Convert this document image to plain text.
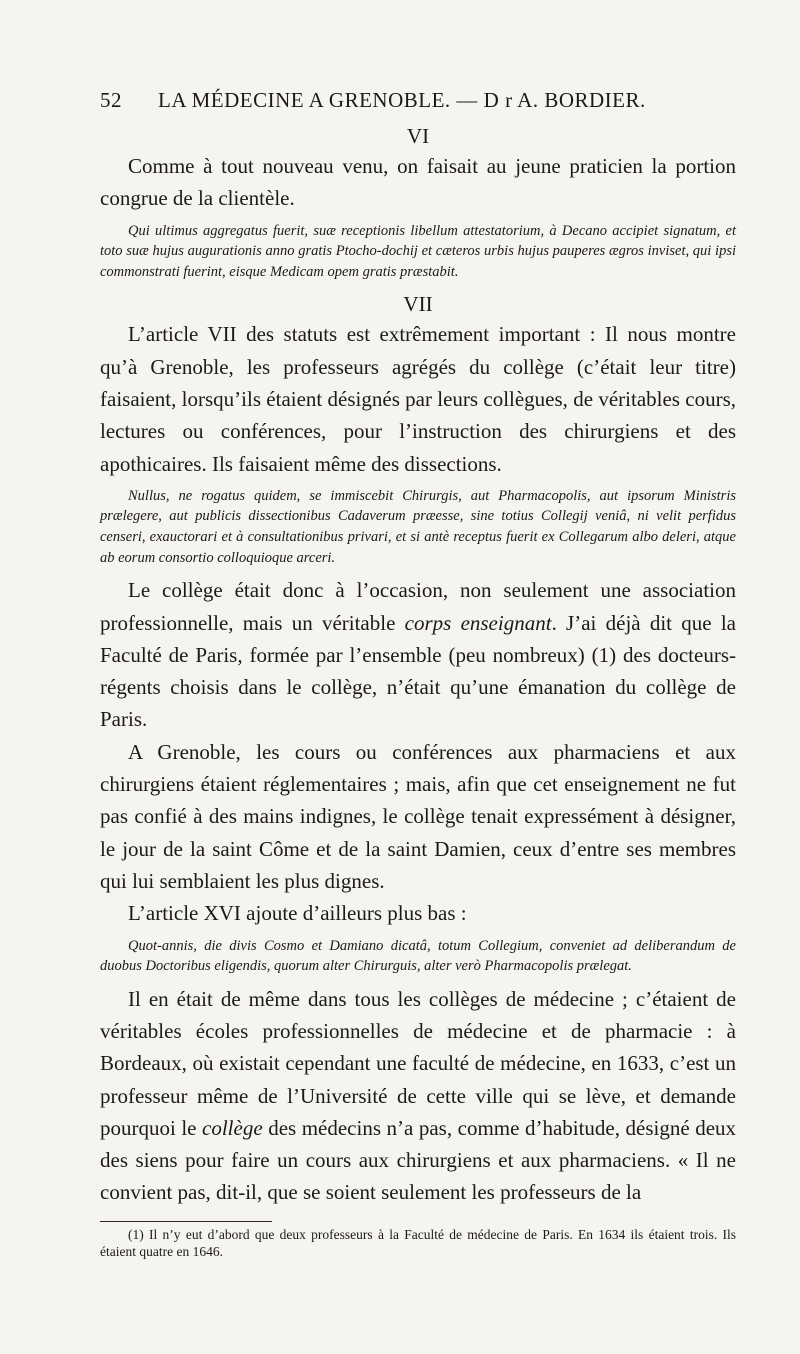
52	LA MÉDECINE A GRENOBLE. — D r A. BORDIER.
VI

Comme à tout nouveau venu, on faisait au jeune praticien la portion congrue de la clientèle.

Qui ultimus aggregatus fuerit, suæ receptionis libellum attestatorium, à Decano accipiet signatum, et toto suæ hujus augurationis anno gratis Ptocho-dochij et cæteros urbis hujus pauperes ægros inviset, qui ipsi commonstrati fuerint, eisque Medicam opem gratis præstabit.

VII

L’article VII des statuts est extrêmement important : Il nous montre qu’à Grenoble, les professeurs agrégés du collège (c’était leur titre) faisaient, lorsqu’ils étaient désignés par leurs collègues, de véritables cours, lectures ou conférences, pour l’instruction des chirurgiens et des apothicaires. Ils faisaient même des dissections.

Nullus, ne rogatus quidem, se immiscebit Chirurgis, aut Pharmacopolis, aut ipsorum Ministris prælegere, aut publicis dissectionibus Cadaverum præesse, sine totius Collegij veniâ, ni velit perfidus censeri, exauctorari et à consultationibus privari, et si antè receptus fuerit ex Collegarum albo deleri, atque ab eorum consortio colloquioque arceri.

Le collège était donc à l’occasion, non seulement une association professionnelle, mais un véritable corps enseignant. J’ai déjà dit que la Faculté de Paris, formée par l’ensemble (peu nombreux) (1) des docteurs-régents choisis dans le collège, n’était qu’une émanation du collège de Paris.

A Grenoble, les cours ou conférences aux pharmaciens et aux chirurgiens étaient réglementaires ; mais, afin que cet enseignement ne fut pas confié à des mains indignes, le collège tenait expressément à désigner, le jour de la saint Côme et de la saint Damien, ceux d’entre ses membres qui lui semblaient les plus dignes.

L’article XVI ajoute d’ailleurs plus bas :

Quot-annis, die divis Cosmo et Damiano dicatâ, totum Collegium, conveniet ad deliberandum de duobus Doctoribus eligendis, quorum alter Chirurguis, alter verò Pharmacopolis prælegat.

Il en était de même dans tous les collèges de médecine ; c’étaient de véritables écoles professionnelles de médecine et de pharmacie : à Bordeaux, où existait cependant une faculté de médecine, en 1633, c’est un professeur même de l’Université de cette ville qui se lève, et demande pourquoi le collège des médecins n’a pas, comme d’habitude, désigné deux des siens pour faire un cours aux chirurgiens et aux pharmaciens. « Il ne convient pas, dit-il, que se soient seulement les professeurs de la

(1) Il n’y eut d’abord que deux professeurs à la Faculté de médecine de Paris. En 1634 ils étaient trois. Ils étaient quatre en 1646.
